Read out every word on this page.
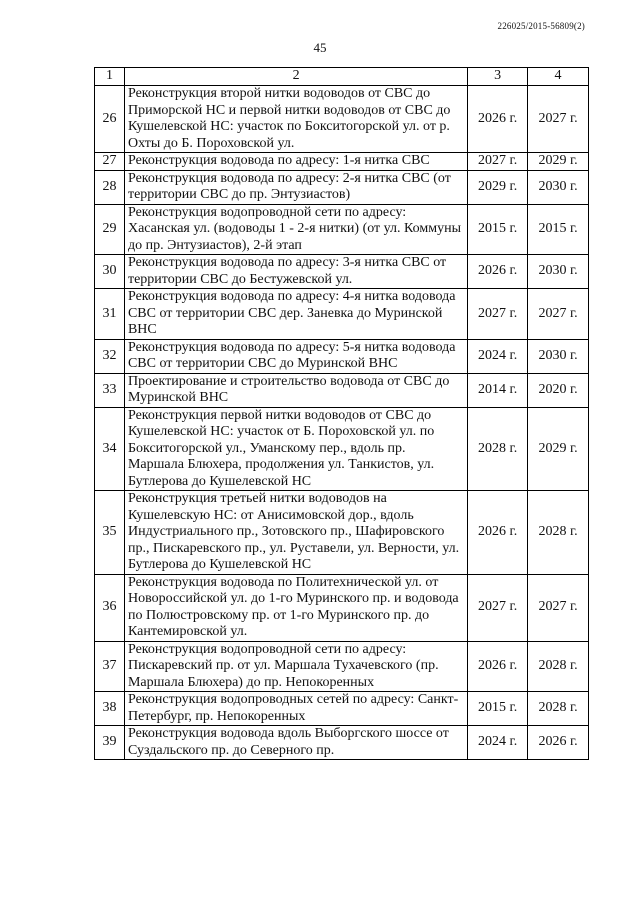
226025/2015-56809(2)
45
1	2	3	4
26	Реконструкция второй нитки водоводов от СВС до Приморской НС и первой нитки водоводов от СВС до Кушелевской НС: участок по Бокситогорской ул. от р. Охты до Б. Пороховской ул.	2026 г.	2027 г.
27	Реконструкция водовода по адресу: 1-я нитка СВС	2027 г.	2029 г.
28	Реконструкция водовода по адресу: 2-я нитка СВС (от территории СВС до пр. Энтузиастов)	2029 г.	2030 г.
29	Реконструкция водопроводной сети по адресу: Хасанская ул. (водоводы 1 - 2-я нитки) (от ул. Коммуны до пр. Энтузиастов), 2-й этап	2015 г.	2015 г.
30	Реконструкция водовода по адресу: 3-я нитка СВС от территории СВС до Бестужевской ул.	2026 г.	2030 г.
31	Реконструкция водовода по адресу: 4-я нитка водовода СВС от территории СВС дер. Заневка до Муринской ВНС	2027 г.	2027 г.
32	Реконструкция водовода по адресу: 5-я нитка водовода СВС от территории СВС до Муринской ВНС	2024 г.	2030 г.
33	Проектирование и строительство водовода от СВС до Муринской ВНС	2014 г.	2020 г.
34	Реконструкция первой нитки водоводов от СВС до Кушелевской НС: участок от Б. Пороховской ул. по Бокситогорской ул., Уманскому пер., вдоль пр. Маршала Блюхера, продолжения ул. Танкистов, ул. Бутлерова до Кушелевской НС	2028 г.	2029 г.
35	Реконструкция третьей нитки водоводов на Кушелевскую НС: от Анисимовской дор., вдоль Индустриального пр., Зотовского пр., Шафировского пр., Пискаревского пр., ул. Руставели, ул. Верности, ул. Бутлерова до Кушелевской НС	2026 г.	2028 г.
36	Реконструкция водовода по Политехнической ул. от Новороссийской ул. до 1-го Муринского пр. и водовода по Полюстровскому пр. от 1-го Муринского пр. до Кантемировской ул.	2027 г.	2027 г.
37	Реконструкция водопроводной сети по адресу: Пискаревский пр. от ул. Маршала Тухачевского (пр. Маршала Блюхера) до пр. Непокоренных	2026 г.	2028 г.
38	Реконструкция водопроводных сетей по адресу: Санкт-Петербург, пр. Непокоренных	2015 г.	2028 г.
39	Реконструкция водовода вдоль Выборгского шоссе от Суздальского пр. до Северного пр.	2024 г.	2026 г.
